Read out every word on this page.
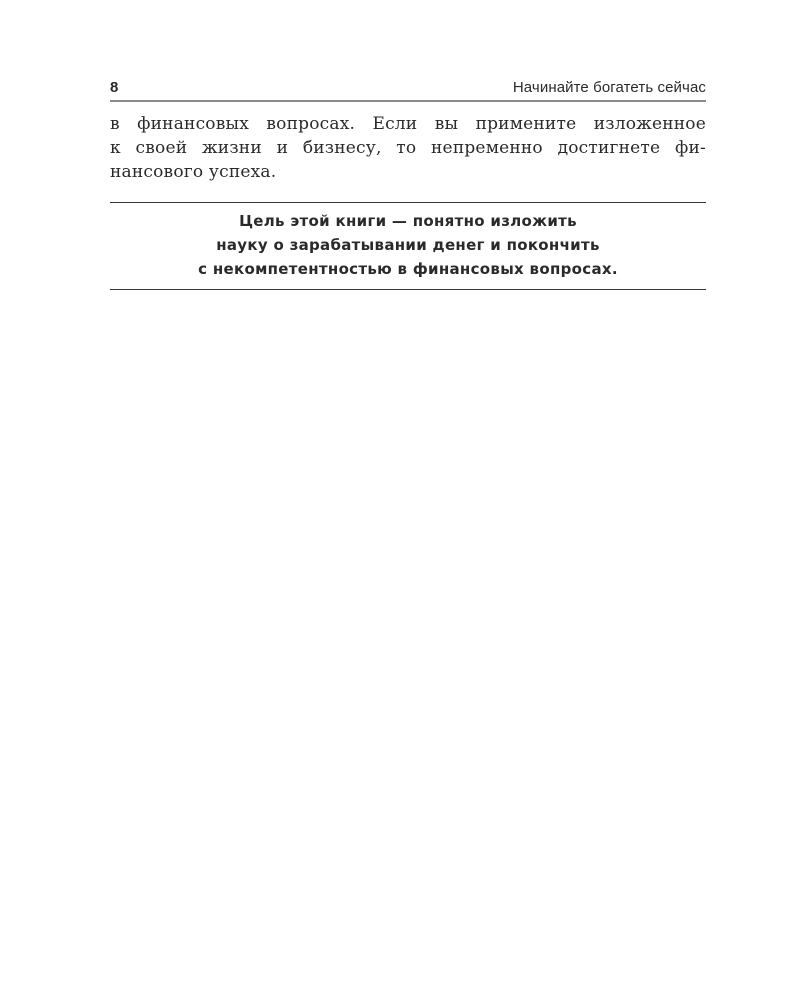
8	Начинайте богатеть сейчас

в финансовых вопросах. Если вы примените изложенное
к своей жизни и бизнесу, то непременно достигнете фи-
нансового успеха.

Цель этой книги — понятно изложить
науку о зарабатывании денег и покончить
с некомпетентностью в финансовых вопросах.
